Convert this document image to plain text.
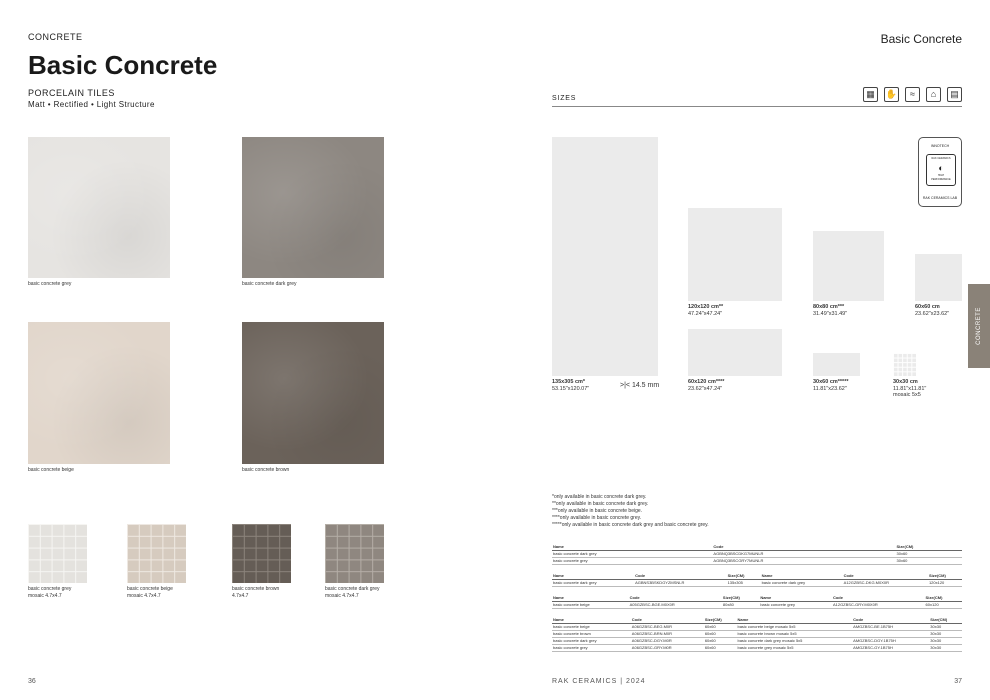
CONCRETE
Basic Concrete
PORCELAIN TILES
Matt • Rectified • Light Structure
basic concrete grey	basic concrete dark grey
basic concrete beige	basic concrete brown
basic concrete grey
mosaic 4.7x4.7
basic concrete beige
mosaic 4.7x4.7
basic concrete brown
4.7x4.7
basic concrete dark grey
mosaic 4.7x4.7
36
Basic Concrete
SIZES	▦	✋	≈	⌂	▤
INNOTECH
RAK CERAMICS
◐
HIGH
PERFORMANCE
RAK CERAMICS LAB
135x305 cm*
53.15"x120.07"	>|< 14.5 mm
120x120 cm**
47.24"x47.24"
80x80 cm***
31.49"x31.49"
60x60 cm
23.62"x23.62"
60x120 cm****
23.62"x47.24"
30x60 cm*****
11.81"x23.62"
30x30 cm
11.81"x11.81"
mosaic 5x5
*only available in basic concrete dark grey.
**only available in basic concrete dark grey.
***only available in basic concrete beige.
****only available in basic concrete grey.
*****only available in basic concrete dark grey and basic concrete grey.
Name	Code	Size(CM)
basic concrete dark grey	AGBNQ3BSCDKG7MUNLR	30x60
basic concrete grey	AGBNQ3BSCGRY7MUNLR	30x60
Name	Code	Size(CM)	Name	Code	Size(CM)
basic concrete dark grey	AGBNS3BSKDGYZMSNLR	135x305	basic concrete dark grey	A12GZBSC-DKG.M0X0R	120x120
Name	Code	Size(CM)	Name	Code	Size(CM)
basic concrete beige	A05GZBSC-BGE.M0X0R	80x80	basic concrete grey	A12GZBSC-GRY.M0X0R	60x120
Name	Code	Size(CM)	Name	Code	Size(CM)
basic concrete beige	A06GZBSC-BEG.M0R	60x60	basic concrete beige mosaic 5x5	AMGZBSC-BE.1B75H	30x30
basic concrete brown	A06GZBSC-BRN.M0R	60x60	basic concrete brown mosaic 5x5		30x30
basic concrete dark grey	A06GZBSC-DGY.M0R	60x60	basic concrete dark grey mosaic 5x5	AMGZBSC-DGY.1B75H	30x30
basic concrete grey	A06GZBSC-GRY.M0R	60x60	basic concrete grey mosaic 5x5	AMGZBSC-GY.1B75H	30x30
CONCRETE
RAK CERAMICS | 2024	37
